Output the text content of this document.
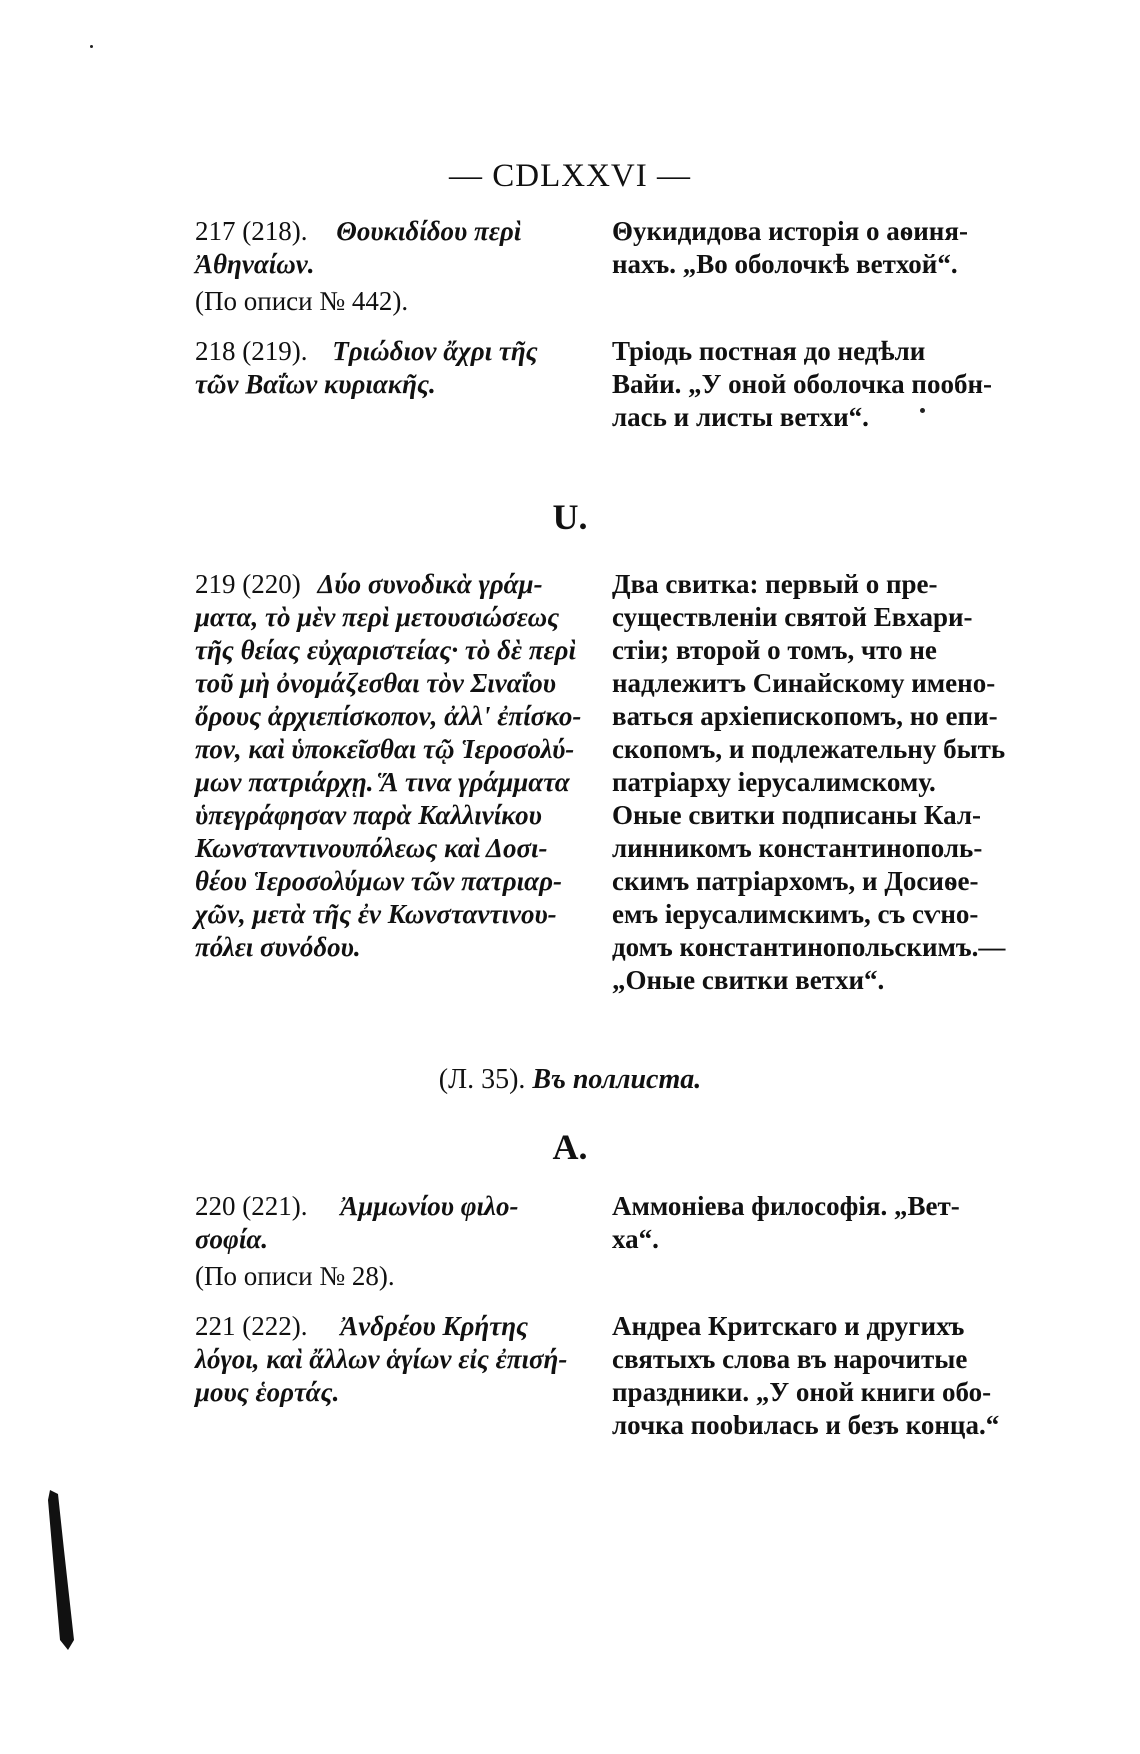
— CDLXXVI —
217 (218). Θουκιδίδου περὶ
Ἀθηναίων.
(По описи № 442).
Θукидидова исторія о аѳиня-
нахъ. „Во оболочкѣ ветхой“.
218 (219). Τριώδιον ἄχρι τῆς
τῶν Βαΐων κυριακῆς.
Тріодь постная до недѣли
Вайи. „У оной оболочка пообн-
лась и листы ветхи“.
U.
219 (220) Δύο συνοδικὰ γράμ-
ματα, τὸ μὲν περὶ μετουσιώσεως
τῆς θείας εὐχαριστείας· τὸ δὲ περὶ
τοῦ μὴ ὀνομάζεσθαι τὸν Σιναΐου
ὄρους ἀρχιεπίσκοπον, ἀλλ' ἐπίσκο-
πον, καὶ ὑποκεῖσθαι τῷ Ἱεροσολύ-
μων πατριάρχῃ. Ἅ τινα γράμματα
ὑπεγράφησαν παρὰ Καλλινίκου
Κωνσταντινουπόλεως καὶ Δοσι-
θέου Ἱεροσολύμων τῶν πατριαρ-
χῶν, μετὰ τῆς ἐν Κωνσταντινου-
πόλει συνόδου.
Два свитка: первый о пре-
существленіи святой Евхари-
стіи; второй о томъ, что не
надлежитъ Синайскому имено-
ваться архіепископомъ, но епи-
скопомъ, и подлежательну быть
патріарху іерусалимскому.
Оные свитки подписаны Кал-
линникомъ константинополь-
скимъ патріархомъ, и Досиѳе-
емъ іерусалимскимъ, съ сѵно-
домъ константинопольскимъ.—
„Оные свитки ветхи“.
(Л. 35). Въ поллиста.
A.
220 (221). Ἀμμωνίου φιλο-
σοφία.
(По описи № 28).
Аммоніева философія. „Вет-
ха“.
221 (222). Ἀνδρέου Κρήτης
λόγοι, καὶ ἄλλων ἁγίων εἰς ἐπισή-
μους ἑορτάς.
Андреа Критскаго и другихъ
святыхъ слова въ нарочитые
праздники. „У оной книги обо-
лочка поobилась и безъ конца.“
